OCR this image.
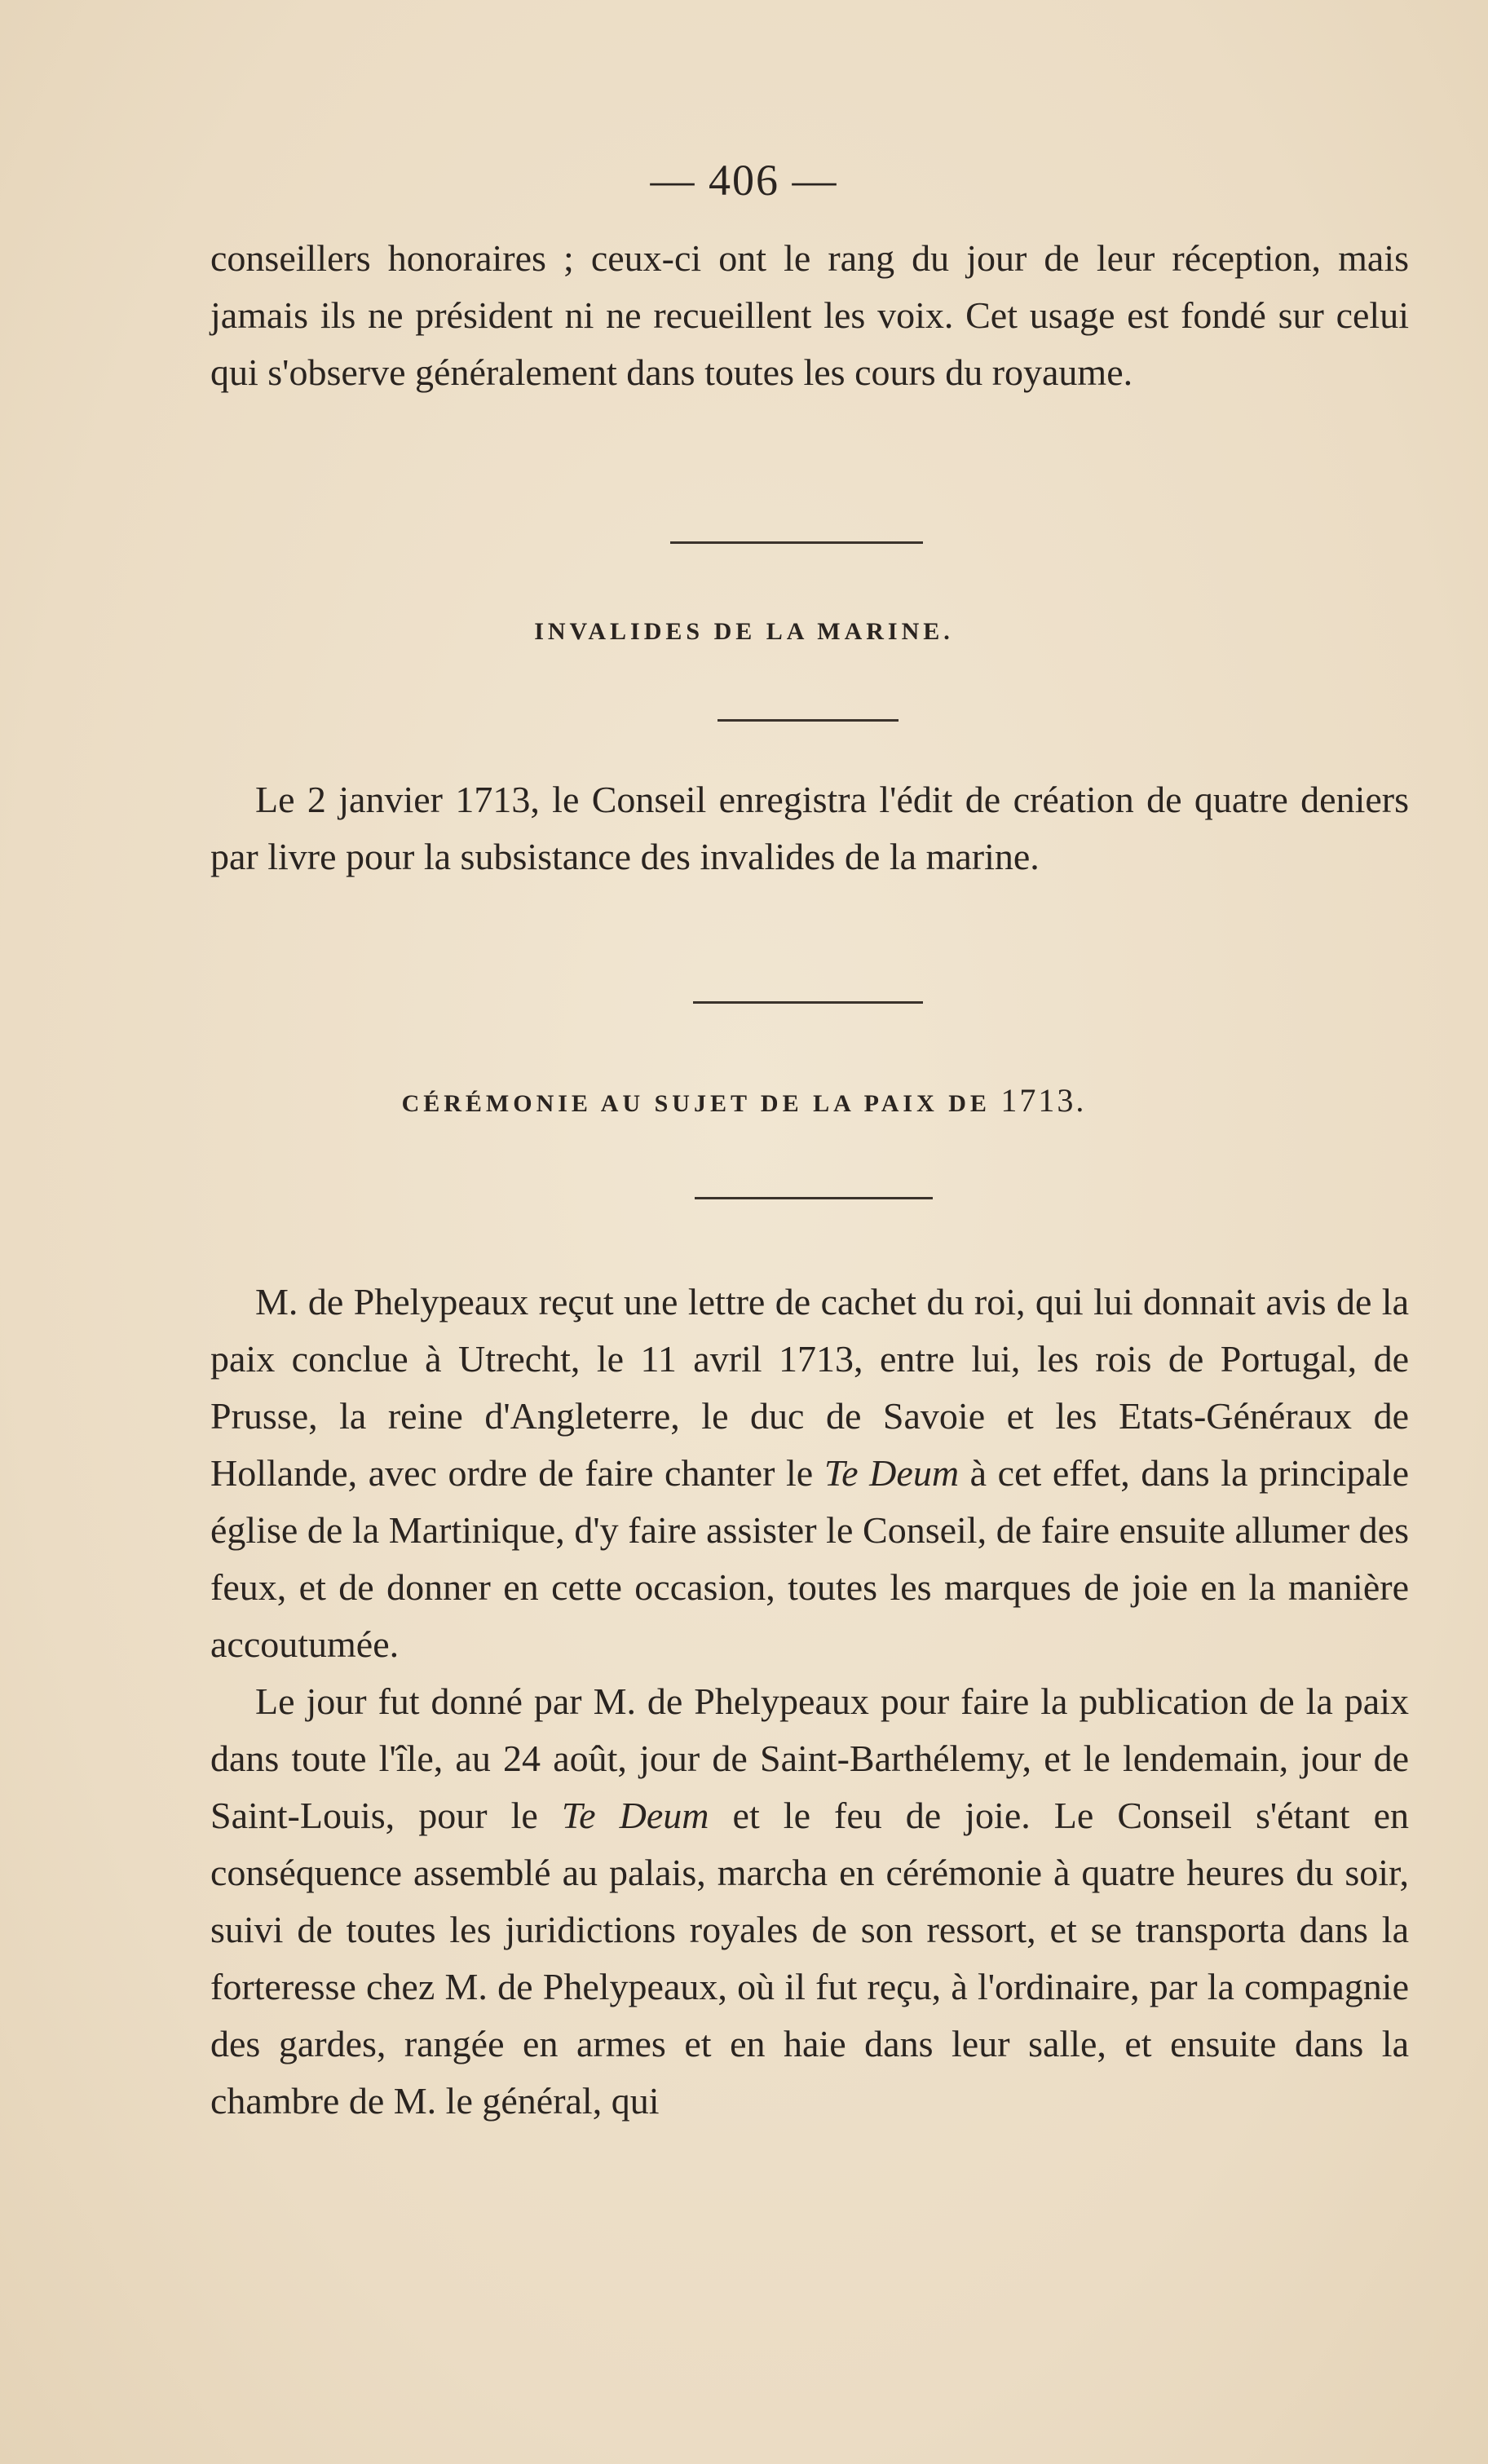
— 406 —

conseillers honoraires ; ceux-ci ont le rang du jour de leur réception, mais jamais ils ne président ni ne recueillent les voix. Cet usage est fondé sur celui qui s'observe généralement dans toutes les cours du royaume.

INVALIDES DE LA MARINE.

Le 2 janvier 1713, le Conseil enregistra l'édit de création de quatre deniers par livre pour la subsistance des invalides de la marine.

CÉRÉMONIE AU SUJET DE LA PAIX DE 1713.

M. de Phelypeaux reçut une lettre de cachet du roi, qui lui donnait avis de la paix conclue à Utrecht, le 11 avril 1713, entre lui, les rois de Portugal, de Prusse, la reine d'Angleterre, le duc de Savoie et les Etats-Généraux de Hollande, avec ordre de faire chanter le Te Deum à cet effet, dans la principale église de la Martinique, d'y faire assister le Conseil, de faire ensuite allumer des feux, et de donner en cette occasion, toutes les marques de joie en la manière accoutumée.

Le jour fut donné par M. de Phelypeaux pour faire la publication de la paix dans toute l'île, au 24 août, jour de Saint-Barthélemy, et le lendemain, jour de Saint-Louis, pour le Te Deum et le feu de joie. Le Conseil s'étant en conséquence assemblé au palais, marcha en cérémonie à quatre heures du soir, suivi de toutes les juridictions royales de son ressort, et se transporta dans la forteresse chez M. de Phelypeaux, où il fut reçu, à l'ordinaire, par la compagnie des gardes, rangée en armes et en haie dans leur salle, et ensuite dans la chambre de M. le général, qui
